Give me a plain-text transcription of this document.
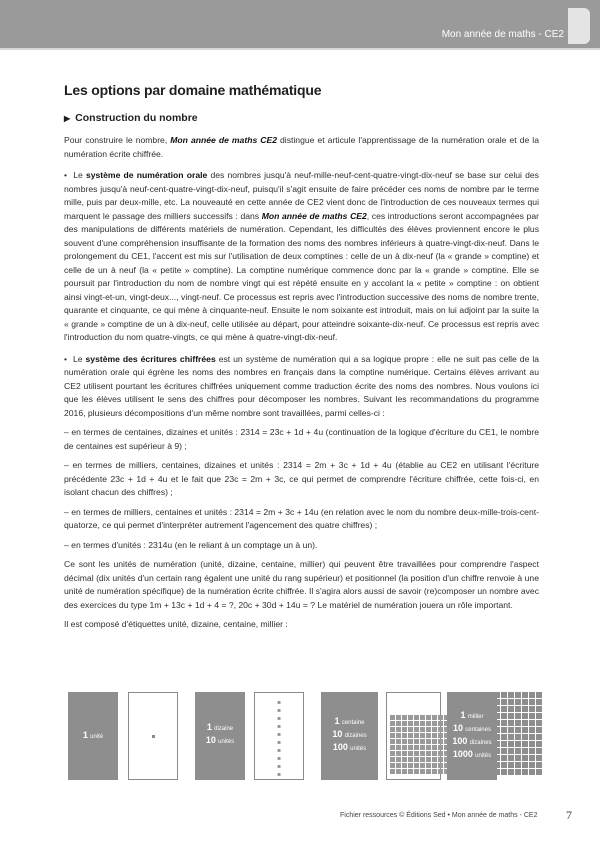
Mon année de maths - CE2
Les options par domaine mathématique
▶ Construction du nombre

Pour construire le nombre, Mon année de maths CE2 distingue et articule l'apprentissage de la numération orale et de la numération écrite chiffrée.

• Le système de numération orale des nombres jusqu'à neuf-mille-neuf-cent-quatre-vingt-dix-neuf se base sur celui des nombres jusqu'à neuf-cent-quatre-vingt-dix-neuf, puisqu'il s'agit ensuite de faire précéder ces noms de nombre par le terme mille, puis par deux-mille, etc. La nouveauté en cette année de CE2 vient donc de l'introduction de ces nouveaux termes qui marquent le passage des milliers successifs : dans Mon année de maths CE2, ces introductions seront accompagnées par des manipulations de différents matériels de numération. Cependant, les difficultés des élèves proviennent encore le plus souvent d'une compréhension insuffisante de la formation des noms des nombres inférieurs à quatre-vingt-dix-neuf. Dans le prolongement du CE1, l'accent est mis sur l'utilisation de deux comptines : celle de un à dix-neuf (la « grande » comptine) et celle de un à neuf (la « petite » comptine). La comptine numérique commence donc par la « grande » comptine. Elle se poursuit par l'introduction du nom de nombre vingt qui est répété ensuite en y accolant la « petite » comptine : on obtient ainsi vingt-et-un, vingt-deux..., vingt-neuf. Ce processus est repris avec l'introduction successive des noms de nombre trente, quarante et cinquante, ce qui mène à cinquante-neuf. Ensuite le nom soixante est introduit, mais on lui adjoint par la suite la « grande » comptine de un à dix-neuf, celle utilisée au départ, pour atteindre soixante-dix-neuf. Ce processus est repris avec l'introduction du nom quatre-vingts, ce qui mène à quatre-vingt-dix-neuf.

• Le système des écritures chiffrées est un système de numération qui a sa logique propre : elle ne suit pas celle de la numération orale qui égrène les noms des nombres en français dans la comptine numérique. Certains élèves arrivant au CE2 utilisent pourtant les écritures chiffrées uniquement comme traduction écrite des noms des nombres. Nous voulons ici que les élèves utilisent le sens des chiffres pour décomposer les nombres. Suivant les recommandations du programme 2016, plusieurs décompositions d'un même nombre sont travaillées, parmi celles-ci :

– en termes de centaines, dizaines et unités : 2314 = 23c + 1d + 4u (continuation de la logique d'écriture du CE1, le nombre de centaines est supérieur à 9) ;

– en termes de milliers, centaines, dizaines et unités : 2314 = 2m + 3c + 1d + 4u (établie au CE2 en utilisant l'écriture précédente 23c + 1d + 4u et le fait que 23c = 2m + 3c, ce qui permet de comprendre l'écriture chiffrée, cette fois-ci, en isolant chacun des chiffres) ;

– en termes de milliers, centaines et unités : 2314 = 2m + 3c + 14u (en relation avec le nom du nombre deux-mille-trois-cent-quatorze, ce qui permet d'interpréter autrement l'agencement des quatre chiffres) ;

– en termes d'unités : 2314u (en le reliant à un comptage un à un).

Ce sont les unités de numération (unité, dizaine, centaine, millier) qui peuvent être travaillées pour comprendre l'aspect décimal (dix unités d'un certain rang égalent une unité du rang supérieur) et positionnel (la position d'un chiffre renvoie à une unité de numération spécifique) de la numération écrite chiffrée. Il s'agira alors aussi de savoir (re)composer un nombre avec des exercices du type 1m + 13c + 1d + 4 = ?, 20c + 30d + 14u = ? Le matériel de numération jouera un rôle important.

Il est composé d'étiquettes unité, dizaine, centaine, millier :

1 unité
1 dizaine
10 unités
1 centaine
10 dizaines
100 unités
1 millier
10 centaines
100 dizaines
1000 unités
Fichier ressources © Éditions Sed • Mon année de maths - CE2 7
